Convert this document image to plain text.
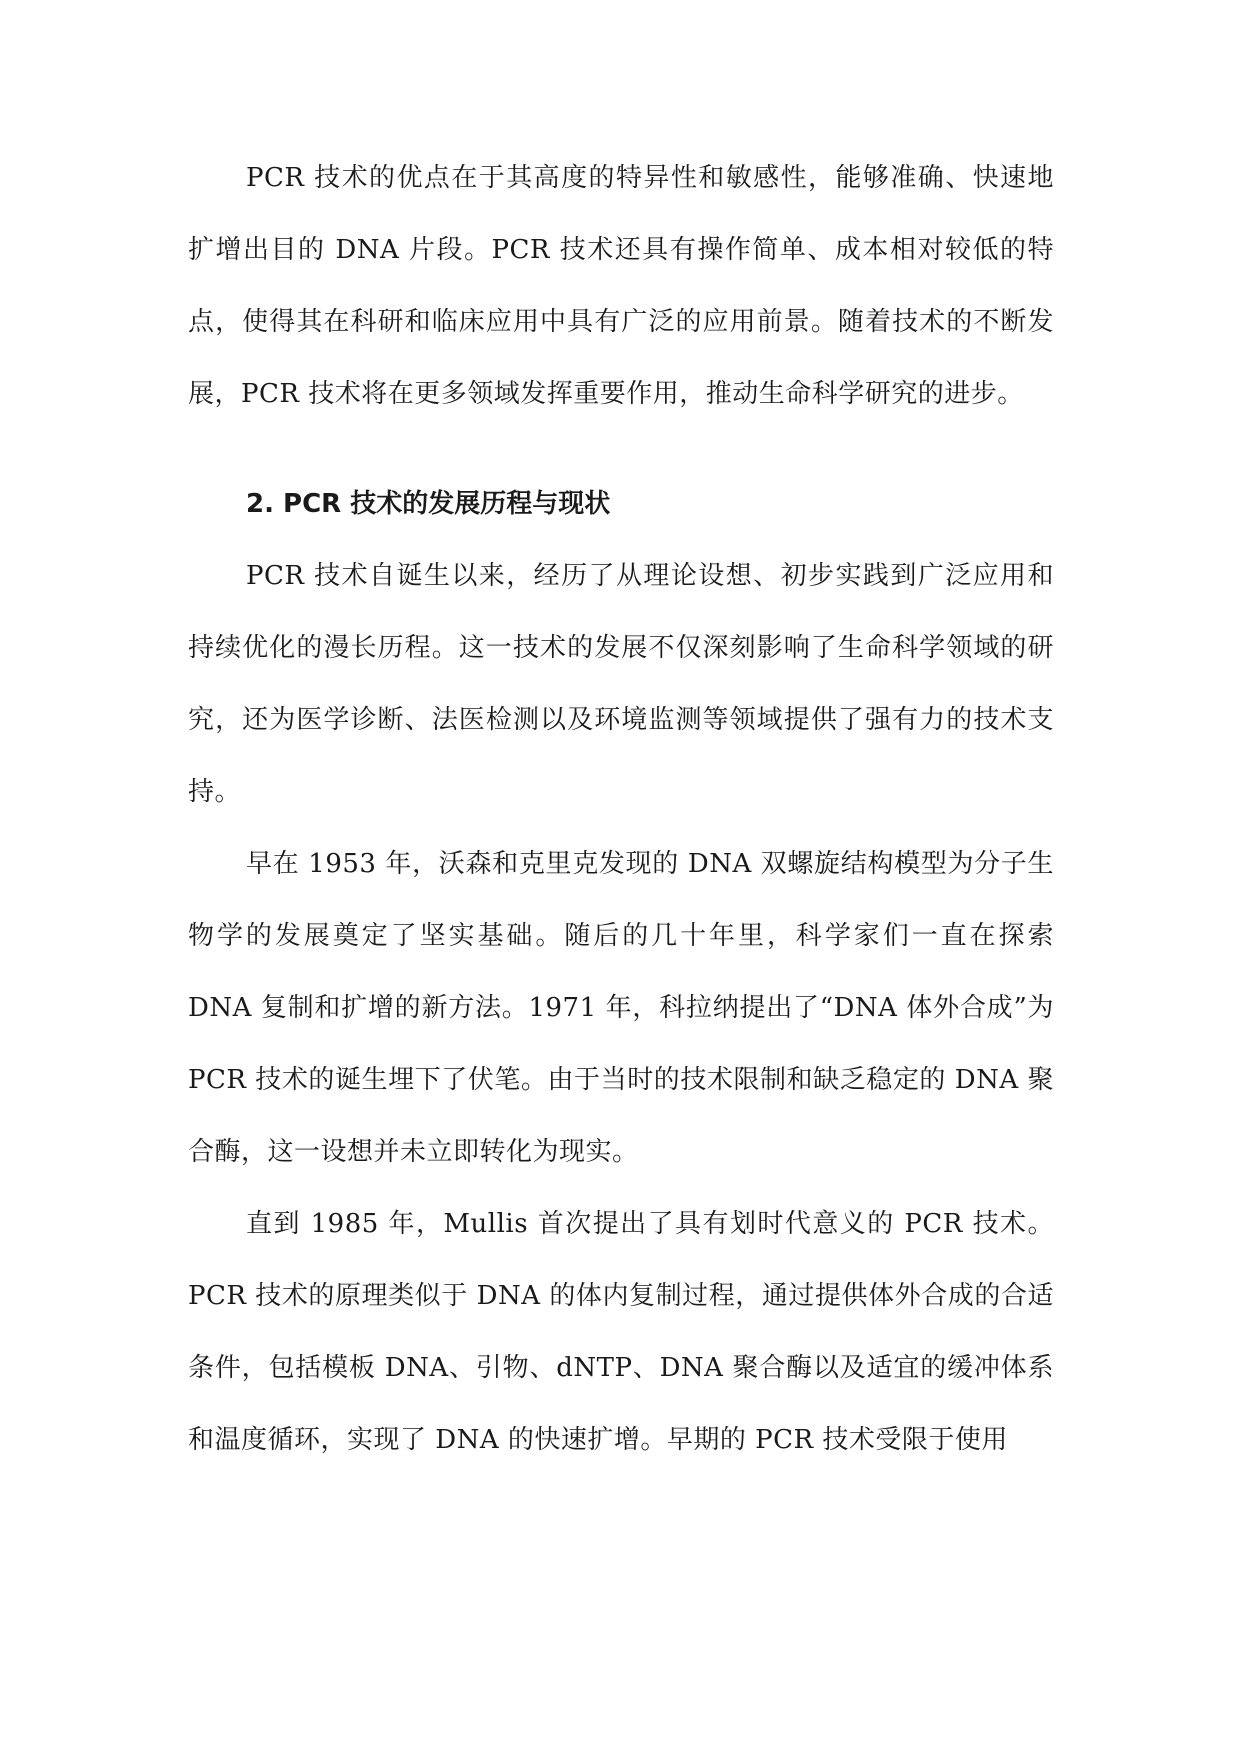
PCR 技术的优点在于其高度的特异性和敏感性，能够准确、快速地扩增出目的 DNA 片段。PCR 技术还具有操作简单、成本相对较低的特点，使得其在科研和临床应用中具有广泛的应用前景。随着技术的不断发展，PCR 技术将在更多领域发挥重要作用，推动生命科学研究的进步。

2. PCR 技术的发展历程与现状

PCR 技术自诞生以来，经历了从理论设想、初步实践到广泛应用和持续优化的漫长历程。这一技术的发展不仅深刻影响了生命科学领域的研究，还为医学诊断、法医检测以及环境监测等领域提供了强有力的技术支持。

早在 1953 年，沃森和克里克发现的 DNA 双螺旋结构模型为分子生物学的发展奠定了坚实基础。随后的几十年里，科学家们一直在探索 DNA 复制和扩增的新方法。1971 年，科拉纳提出了“DNA 体外合成”为 PCR 技术的诞生埋下了伏笔。由于当时的技术限制和缺乏稳定的 DNA 聚合酶，这一设想并未立即转化为现实。

直到 1985 年，Mullis 首次提出了具有划时代意义的 PCR 技术。PCR 技术的原理类似于 DNA 的体内复制过程，通过提供体外合成的合适条件，包括模板 DNA、引物、dNTP、DNA 聚合酶以及适宜的缓冲体系和温度循环，实现了 DNA 的快速扩增。早期的 PCR 技术受限于使用
